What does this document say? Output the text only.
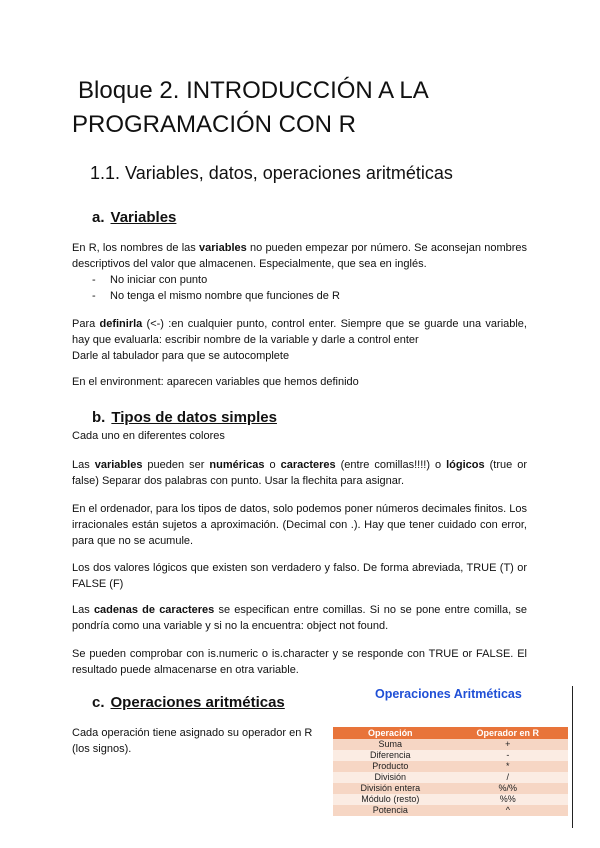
Bloque 2. INTRODUCCIÓN A LA
PROGRAMACIÓN CON R
1.1. Variables, datos, operaciones aritméticas
a. Variables

En R, los nombres de las variables no pueden empezar por número. Se aconsejan nombres descriptivos del valor que almacenen. Especialmente, que sea en inglés.

- No iniciar con punto

- No tenga el mismo nombre que funciones de R

Para definirla (<-) :en cualquier punto, control enter. Siempre que se guarde una variable, hay que evaluarla: escribir nombre de la variable y darle a control enter
Darle al tabulador para que se autocomplete

En el environment: aparecen variables que hemos definido

b. Tipos de datos simples

Cada uno en diferentes colores

Las variables pueden ser numéricas o caracteres (entre comillas!!!!) o lógicos (true or false) Separar dos palabras con punto. Usar la flechita para asignar.

En el ordenador, para los tipos de datos, solo podemos poner números decimales finitos. Los irracionales están sujetos a aproximación. (Decimal con .). Hay que tener cuidado con error, para que no se acumule.

Los dos valores lógicos que existen son verdadero y falso. De forma abreviada, TRUE (T) or FALSE (F)

Las cadenas de caracteres se especifican entre comillas. Si no se pone entre comilla, se pondría como una variable y si no la encuentra: object not found.

Se pueden comprobar con is.numeric o is.character y se responde con TRUE or FALSE. El resultado puede almacenarse en otra variable.

c. Operaciones aritméticas

Cada operación tiene asignado su operador en R (los signos).

Operaciones Aritméticas
Operación	Operador en R
Suma	+
Diferencia	-
Producto	*
División	/
División entera	%/%
Módulo (resto)	%%
Potencia	^
